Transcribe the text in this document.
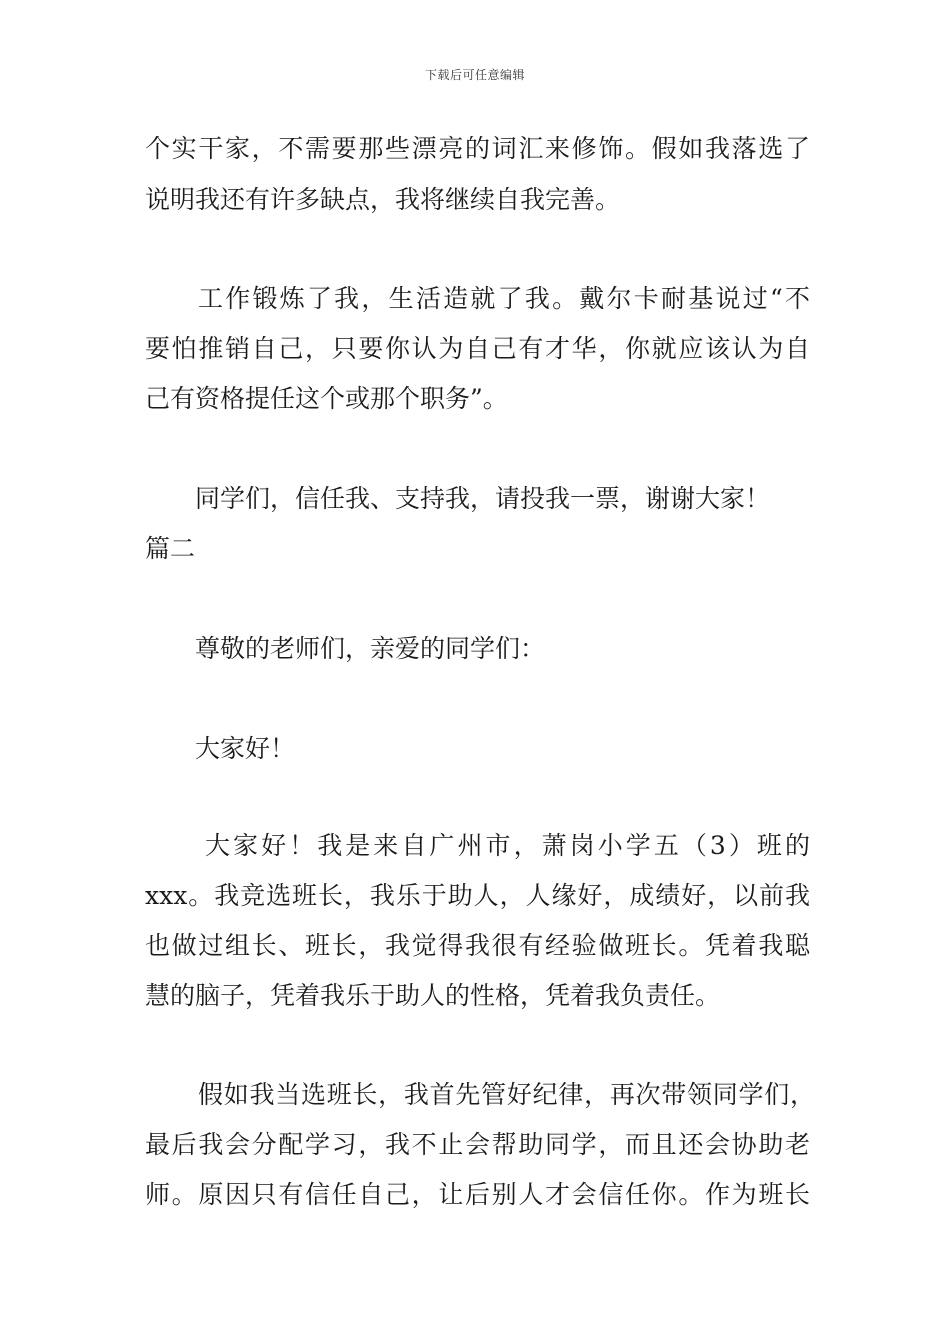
下载后可任意编辑
个实干家，不需要那些漂亮的词汇来修饰。假如我落选了
说明我还有许多缺点，我将继续自我完善。
工作锻炼了我，生活造就了我。戴尔卡耐基说过“不
要怕推销自己，只要你认为自己有才华，你就应该认为自
己有资格提任这个或那个职务”。
同学们，信任我、支持我，请投我一票，谢谢大家！
篇二
尊敬的老师们，亲爱的同学们：
大家好！
大家好！我是来自广州市，萧岗小学五（3）班的
xxx。我竞选班长，我乐于助人，人缘好，成绩好，以前我
也做过组长、班长，我觉得我很有经验做班长。凭着我聪
慧的脑子，凭着我乐于助人的性格，凭着我负责任。
假如我当选班长，我首先管好纪律，再次带领同学们，
最后我会分配学习，我不止会帮助同学，而且还会协助老
师。原因只有信任自己，让后别人才会信任你。作为班长
